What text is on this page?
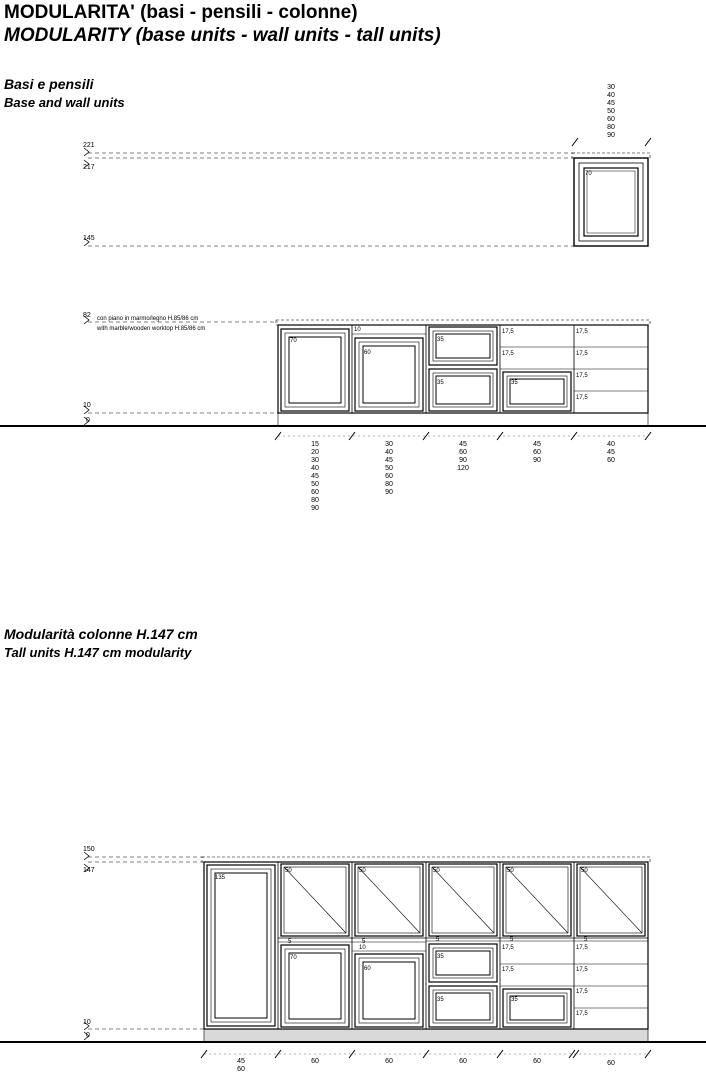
MODULARITA' (basi - pensili - colonne)
MODULARITY (base units - wall units - tall units)
Basi e pensili
Base and wall units
Modularità colonne H.147 cm
Tall units H.147 cm modularity
221
217
145
82
10
0
con piano in marmo/legno H.85/86 cm
with marble/wooden worktop H.85/86 cm
70
30
40
45
50
60
80
90
70
10
60
35
35	35
17,5
17,5
17,5
17,5
17,5
17,5
15
20
30
40
45
50
60
80
90
30
40
45
50
60
80
90
45
60
90
120
45
60
90
40
45
60
150
147
10
0
135
50	50	50	50	50
5	5
10
5	5	5
70
60
35
35	35
17,5
17,5
17,5
17,5
17,5
17,5
45
60
60	60	60	60	60
